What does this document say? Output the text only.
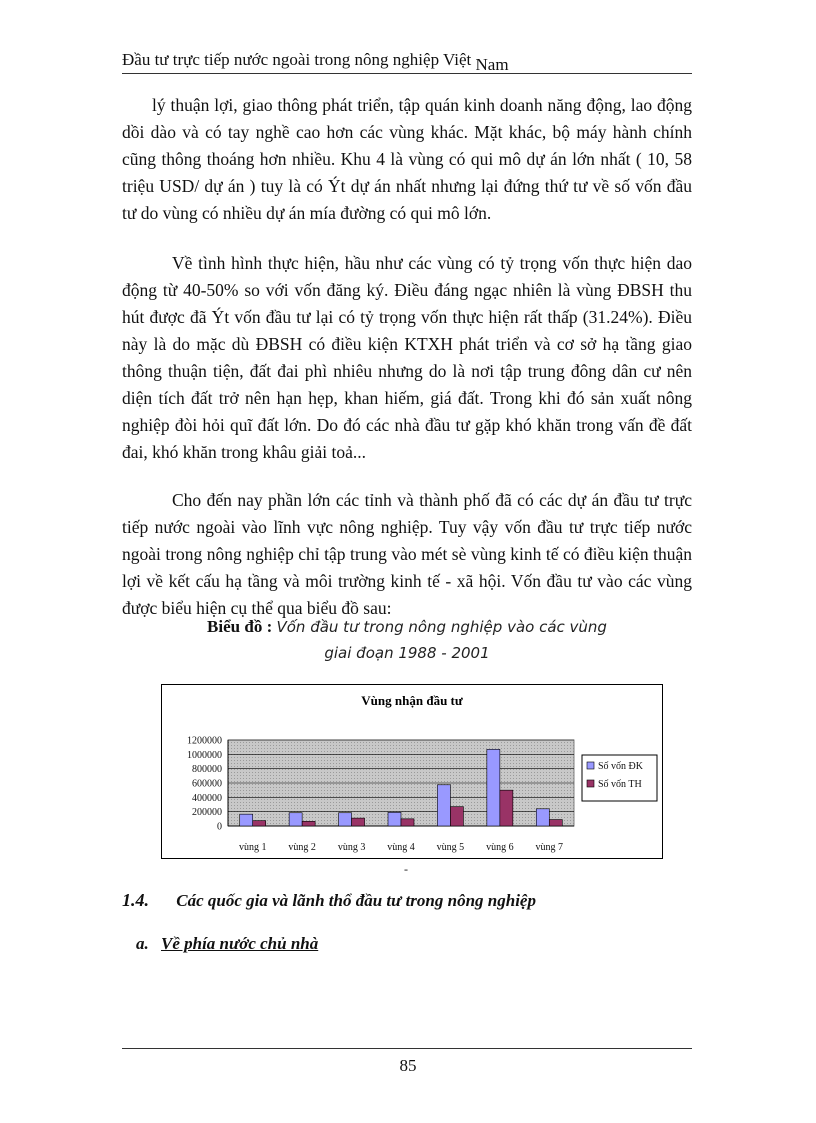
Đầu tư trực tiếp nước ngoài trong nông nghiệp Việt Nam
lý thuận lợi, giao thông phát triển, tập quán kinh doanh năng động, lao động dồi dào và có tay nghề cao hơn các vùng khác. Mặt khác, bộ máy hành chính cũng thông thoáng hơn nhiều. Khu 4 là vùng có qui mô dự án lớn nhất ( 10, 58 triệu USD/ dự án ) tuy là có Ýt dự án nhất nhưng lại đứng thứ tư về số vốn đầu tư do vùng có nhiều dự án mía đường có qui mô lớn.
Về tình hình thực hiện, hầu như các vùng có tỷ trọng vốn thực hiện dao động từ 40-50% so với vốn đăng ký. Điều đáng ngạc nhiên là vùng ĐBSH thu hút được đã Ýt vốn đầu tư lại có tỷ trọng vốn thực hiện rất thấp (31.24%). Điều này là do mặc dù ĐBSH có điều kiện KTXH phát triển và cơ sở hạ tầng giao thông thuận tiện, đất đai phì nhiêu nhưng do là nơi tập trung đông dân cư nên diện tích đất trở nên hạn hẹp, khan hiếm, giá đất. Trong khi đó sản xuất nông nghiệp đòi hỏi quĩ đất lớn. Do đó các nhà đầu tư gặp khó khăn trong vấn đề đất đai, khó khăn trong khâu giải toả...
Cho đến nay phần lớn các tỉnh và thành phố đã có các dự án đầu tư trực tiếp nước ngoài vào lĩnh vực nông nghiệp. Tuy vậy vốn đầu tư trực tiếp nước ngoài trong nông nghiệp chỉ tập trung vào mét sè vùng kinh tế có điều kiện thuận lợi về kết cấu hạ tầng và môi trường kinh tế - xã hội. Vốn đầu tư vào các vùng được biểu hiện cụ thể qua biểu đồ sau:
Biểu đồ : Vốn đầu tư trong nông nghiệp vào các vùng
giai đoạn 1988 - 2001
Vùng nhận đầu tư
0
200000
400000
600000
800000
1000000
1200000
vùng 1 vùng 2 vùng 3 vùng 4 vùng 5 vùng 6 vùng 7
Số vốn ĐK
Số vốn TH
-
1.4. Các quốc gia và lãnh thổ đầu tư trong nông nghiệp
a. Về phía nước chủ nhà
85
